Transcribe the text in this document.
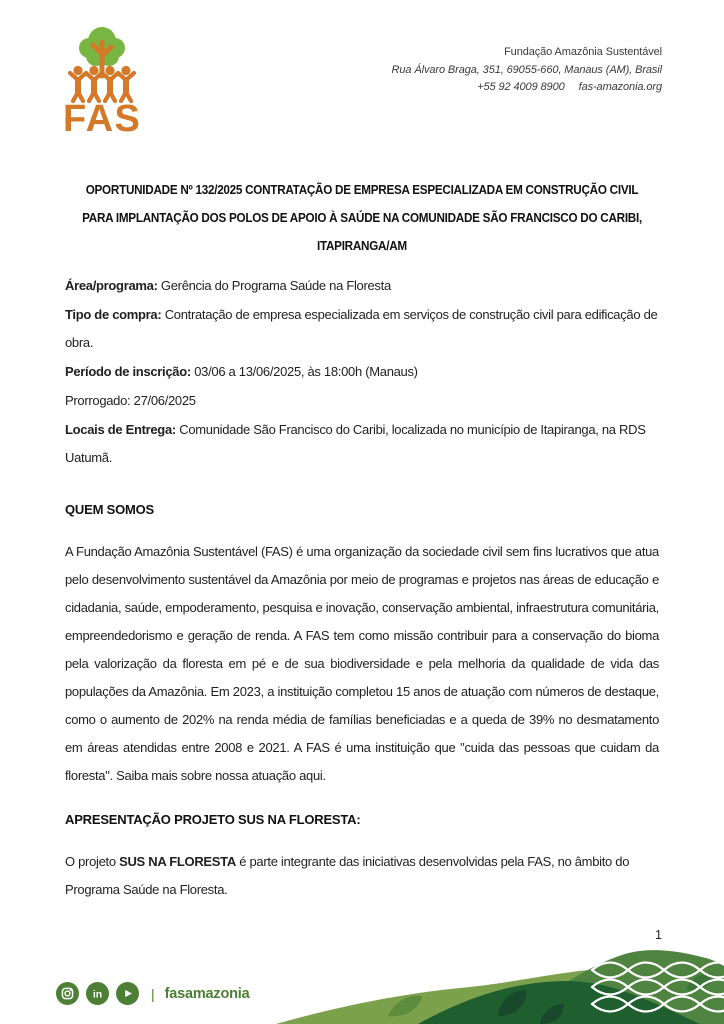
FAS
Fundação Amazônia Sustentável
Rua Álvaro Braga, 351, 69055-660, Manaus (AM), Brasil
+55 92 4009 8900 fas-amazonia.org
OPORTUNIDADE Nº 132/2025 CONTRATAÇÃO DE EMPRESA ESPECIALIZADA EM CONSTRUÇÃO CIVIL
PARA IMPLANTAÇÃO DOS POLOS DE APOIO À SAÚDE NA COMUNIDADE SÃO FRANCISCO DO CARIBI,
ITAPIRANGA/AM

Área/programa: Gerência do Programa Saúde na Floresta

Tipo de compra: Contratação de empresa especializada em serviços de construção civil para edificação de obra.

Período de inscrição: 03/06 a 13/06/2025, às 18:00h (Manaus)

Prorrogado: 27/06/2025

Locais de Entrega: Comunidade São Francisco do Caribi, localizada no município de Itapiranga, na RDS Uatumã.

QUEM SOMOS

A Fundação Amazônia Sustentável (FAS) é uma organização da sociedade civil sem fins lucrativos que atua pelo desenvolvimento sustentável da Amazônia por meio de programas e projetos nas áreas de educação e cidadania, saúde, empoderamento, pesquisa e inovação, conservação ambiental, infraestrutura comunitária, empreendedorismo e geração de renda. A FAS tem como missão contribuir para a conservação do bioma pela valorização da floresta em pé e de sua biodiversidade e pela melhoria da qualidade de vida das populações da Amazônia. Em 2023, a instituição completou 15 anos de atuação com números de destaque, como o aumento de 202% na renda média de famílias beneficiadas e a queda de 39% no desmatamento em áreas atendidas entre 2008 e 2021. A FAS é uma instituição que "cuida das pessoas que cuidam da floresta". Saiba mais sobre nossa atuação aqui.

APRESENTAÇÃO PROJETO SUS NA FLORESTA:

O projeto SUS NA FLORESTA é parte integrante das iniciativas desenvolvidas pela FAS, no âmbito do Programa Saúde na Floresta.

1
in	| fasamazonia
